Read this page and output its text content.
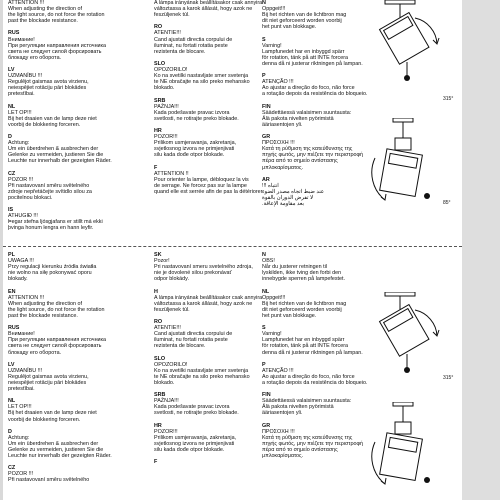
ATTENTION !!!
When adjusting the direction of
the light source, do not force the rotation
past the blockade resistance.
RUS
Внимание!
При регуляции направления источника
света не следует силой форсировать
блокаду его оборота.
LV
UZMANĪBU !!!
Regulējot gaismas avota virzienu,
neiespējiet rotāciju pāri blokādes
pretestībai.
NL
LET OP!!!
Bij het draaien van de lamp deze niet
voorbij de blokkering forceren.
D
Achtung:
Um ein überdrehen & ausbrechen der
Gelenke zu vermeiden, justieren Sie die
Leuchte nur innerhalb der gezeigten Räder.
CZ
POZOR !!!
Při nastavovaní směru světelného
zdroje nepřetáčejte svítidlo silou za
pocitelnou blokaci.
IS
ATHUGIÐ !!!
Þegar stefna ljósgjafans er stillt má ekki
þvinga honum lengra en hann leyfir.
A lámpa irányának beállításakor csak annyira
változtassa a karok állását, hogy azok ne
feszüljenek túl.
RO
ATENTIE!!!
Cand ajustati directia corpului de
iluminat, nu fortati rotatia peste
rezistenta de blocare.
SLO
OPOZORILO!
Ko na svetilki nastavljate smer svetenja
te NE obračajte na silo preko mehansko
blokado.
SRB
PAŽNJA!!!
Kada podešavate pravac izvora
svetlosti, ne rotirajte preko blokade.
HR
POZOR!!!
Prilikom usmjeravanja, zakretanja,
svjetlosnog izvora ne primjenjivati
silu kada dođe otpor blokade.
F
ATTENTION !!
Pour orienter la lampe, débloquez la vis
de serrage. Ne forcez pas sur la lampe
quand elle est serrée afin de pas la détériorer.
N
Oppgeit!!!
Bij het richten van de lichtbron mag
dit niet geforceerd worden voorbij
het punt van blokkage.
S
Varning!
Lampfunedet har en inbyggd spärr
för rotation, tänk på att INTE forcera
denna då ni justerar riktningen på lampan.
P
ATENÇÃO !!!
Ao ajustar a direção do foco, não force
a rotação depois da resistência do bloqueio.
FIN
Säädettäessä valaisimen suuntausta:
Älä pakota nivelten pyörimistä
ääriasentojen yli.
GR
ΠΡΟΣΟΧΗ !!!
Κατά τη ρύθμιση της κατεύθυνσης της
πηγής φωτός, μην πιέζετε την περιστροφή
πέρα από το σημείο αντίστασης μπλοκαρίσματος.
AR
انتباه !!!
عند ضبط اتجاه مصدر الضوء
لا تفرض الدوران بالقوة
بعد مقاومة الإعاقة.
315°
85°
PL
UWAGA !!!
Przy regulacji kierunku źródła światła
nie wolno na siłę pokonywać oporu
blokady.
EN
ATTENTION !!!
When adjusting the direction of
the light source, do not force the rotation
past the blockade resistance.
RUS
Внимание!
При регуляции направления источника
света не следует силой форсировать
блокаду его оборота.
LV
UZMANĪBU !!!
Regulējot gaismas avota virzienu,
neiespējiet rotāciju pāri blokādes
pretestībai.
NL
LET OP!!!
Bij het draaien van de lamp deze niet
voorbij de blokkering forceren.
D
Achtung:
Um ein überdrehen & ausbrechen der
Gelenke zu vermeiden, justieren Sie die
Leuchte nur innerhalb der gezeigten Räder.
CZ
POZOR !!!
Při nastavovaní směru světelného
SK
Pozor!
Pri nastavovaní smeru svetelného zdroja,
nie je dovolené silou prekonávať
odpor blokády.
H
A lámpa irányának beállításakor csak annyira
változtassa a karok állását, hogy azok ne
feszüljenek túl.
RO
ATENTIE!!!
Cand ajustati directia corpului de
iluminat, nu fortati rotatia peste
rezistenta de blocare.
SLO
OPOZORILO!
Ko na svetilki nastavljate smer svetenja
te NE obračajte na silo preko mehansko
blokado.
SRB
PAŽNJA!!!
Kada podešavate pravac izvora
svetlosti, ne rotirajte preko blokade.
HR
POZOR!!!
Prilikom usmjeravanja, zakretanja,
svjetlosnog izvora ne primjenjivati
silu kada dođe otpor blokade.
F
N
OBS!
Når du justerer retningen til
lyskilden, ikke tving den forbi den
innebygde sperren på lampefestet.
NL
Oppgeit!!!
Bij het richten van de lichtbron mag
dit niet geforceerd worden voorbij
het punt van blokkage.
S
Varning!
Lampfunedet har en inbyggd spärr
för rotation, tänk på att INTE forcera
denna då ni justerar riktningen på lampan.
P
ATENÇÃO !!!
Ao ajustar a direção do foco, não force
a rotação depois da resistência do bloqueio.
FIN
Säädettäessä valaisimen suuntausta:
Älä pakota nivelten pyörimistä
ääriasentojen yli.
GR
ΠΡΟΣΟΧΗ !!!
Κατά τη ρύθμιση της κατεύθυνσης της
πηγής φωτός, μην πιέζετε την περιστροφή
πέρα από το σημείο αντίστασης μπλοκαρίσματος.
315°
